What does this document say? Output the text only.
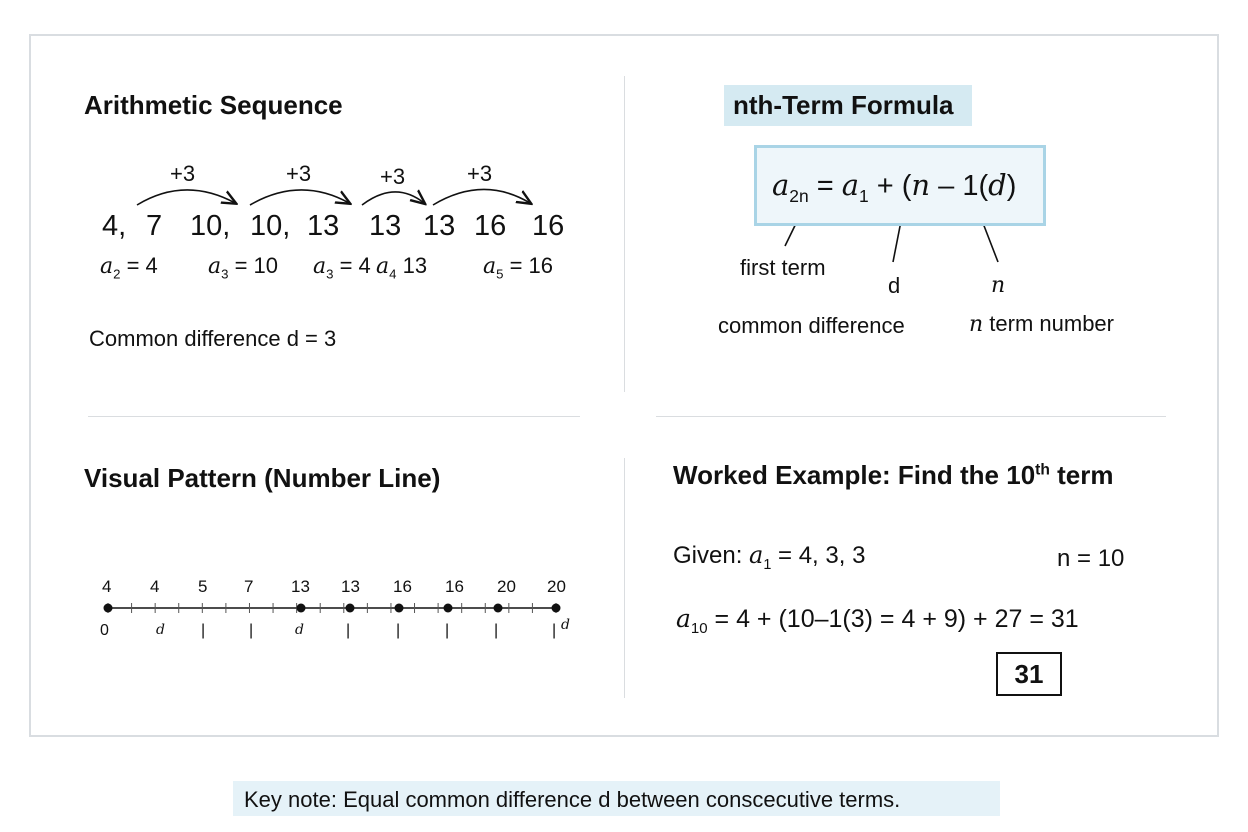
Arithmetic Sequence
+3	+3	+3	+3
4, 7 10, 10, 13 13 13 16 16
$a_2 = 4$ $a_3 = 10$ $a_3 = 4$ $a_4$ 13	$a_5 = 16$
Common difference d = 3
nth-Term Formula
$a_{2n} = a_1 + (n - 1(d)$
first term
d	n
common difference	n term number
Visual Pattern (Number Line)
4 4 5 7 13 13 16 16 20 20
0	d |	|	d	|	|	|	|	| d
Worked Example: Find the 10th term
Given: $a_1 = 4$, 3, 3	n = 10
$a_{10} = 4 + (10-1(3) = 4 + 9) + 27 = 31$
31
Key note: Equal common difference d between conscecutive terms.
